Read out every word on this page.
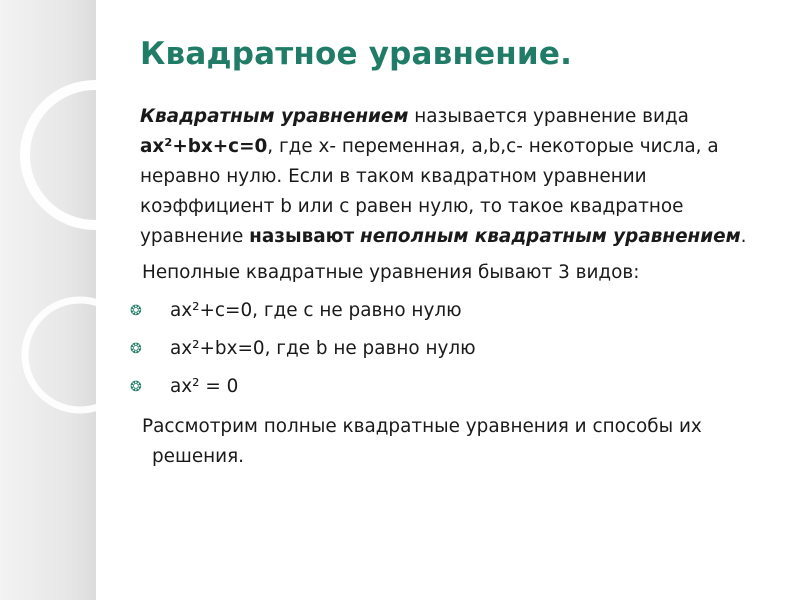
Квадратное уравнение.

Квадратным уравнением называется уравнение вида ax²+bx+c=0, где х- переменная, a,b,c- некоторые числа, а неравно нулю. Если в таком квадратном уравнении коэффициент b или с равен нулю, то такое квадратное уравнение называют неполным квадратным уравнением.

Неполные квадратные уравнения бывают 3 видов:

❂	ax²+c=0, где с не равно нулю
❂	ax²+bx=0, где b не равно нулю
❂	ax² = 0

Рассмотрим полные квадратные уравнения и способы их решения.
